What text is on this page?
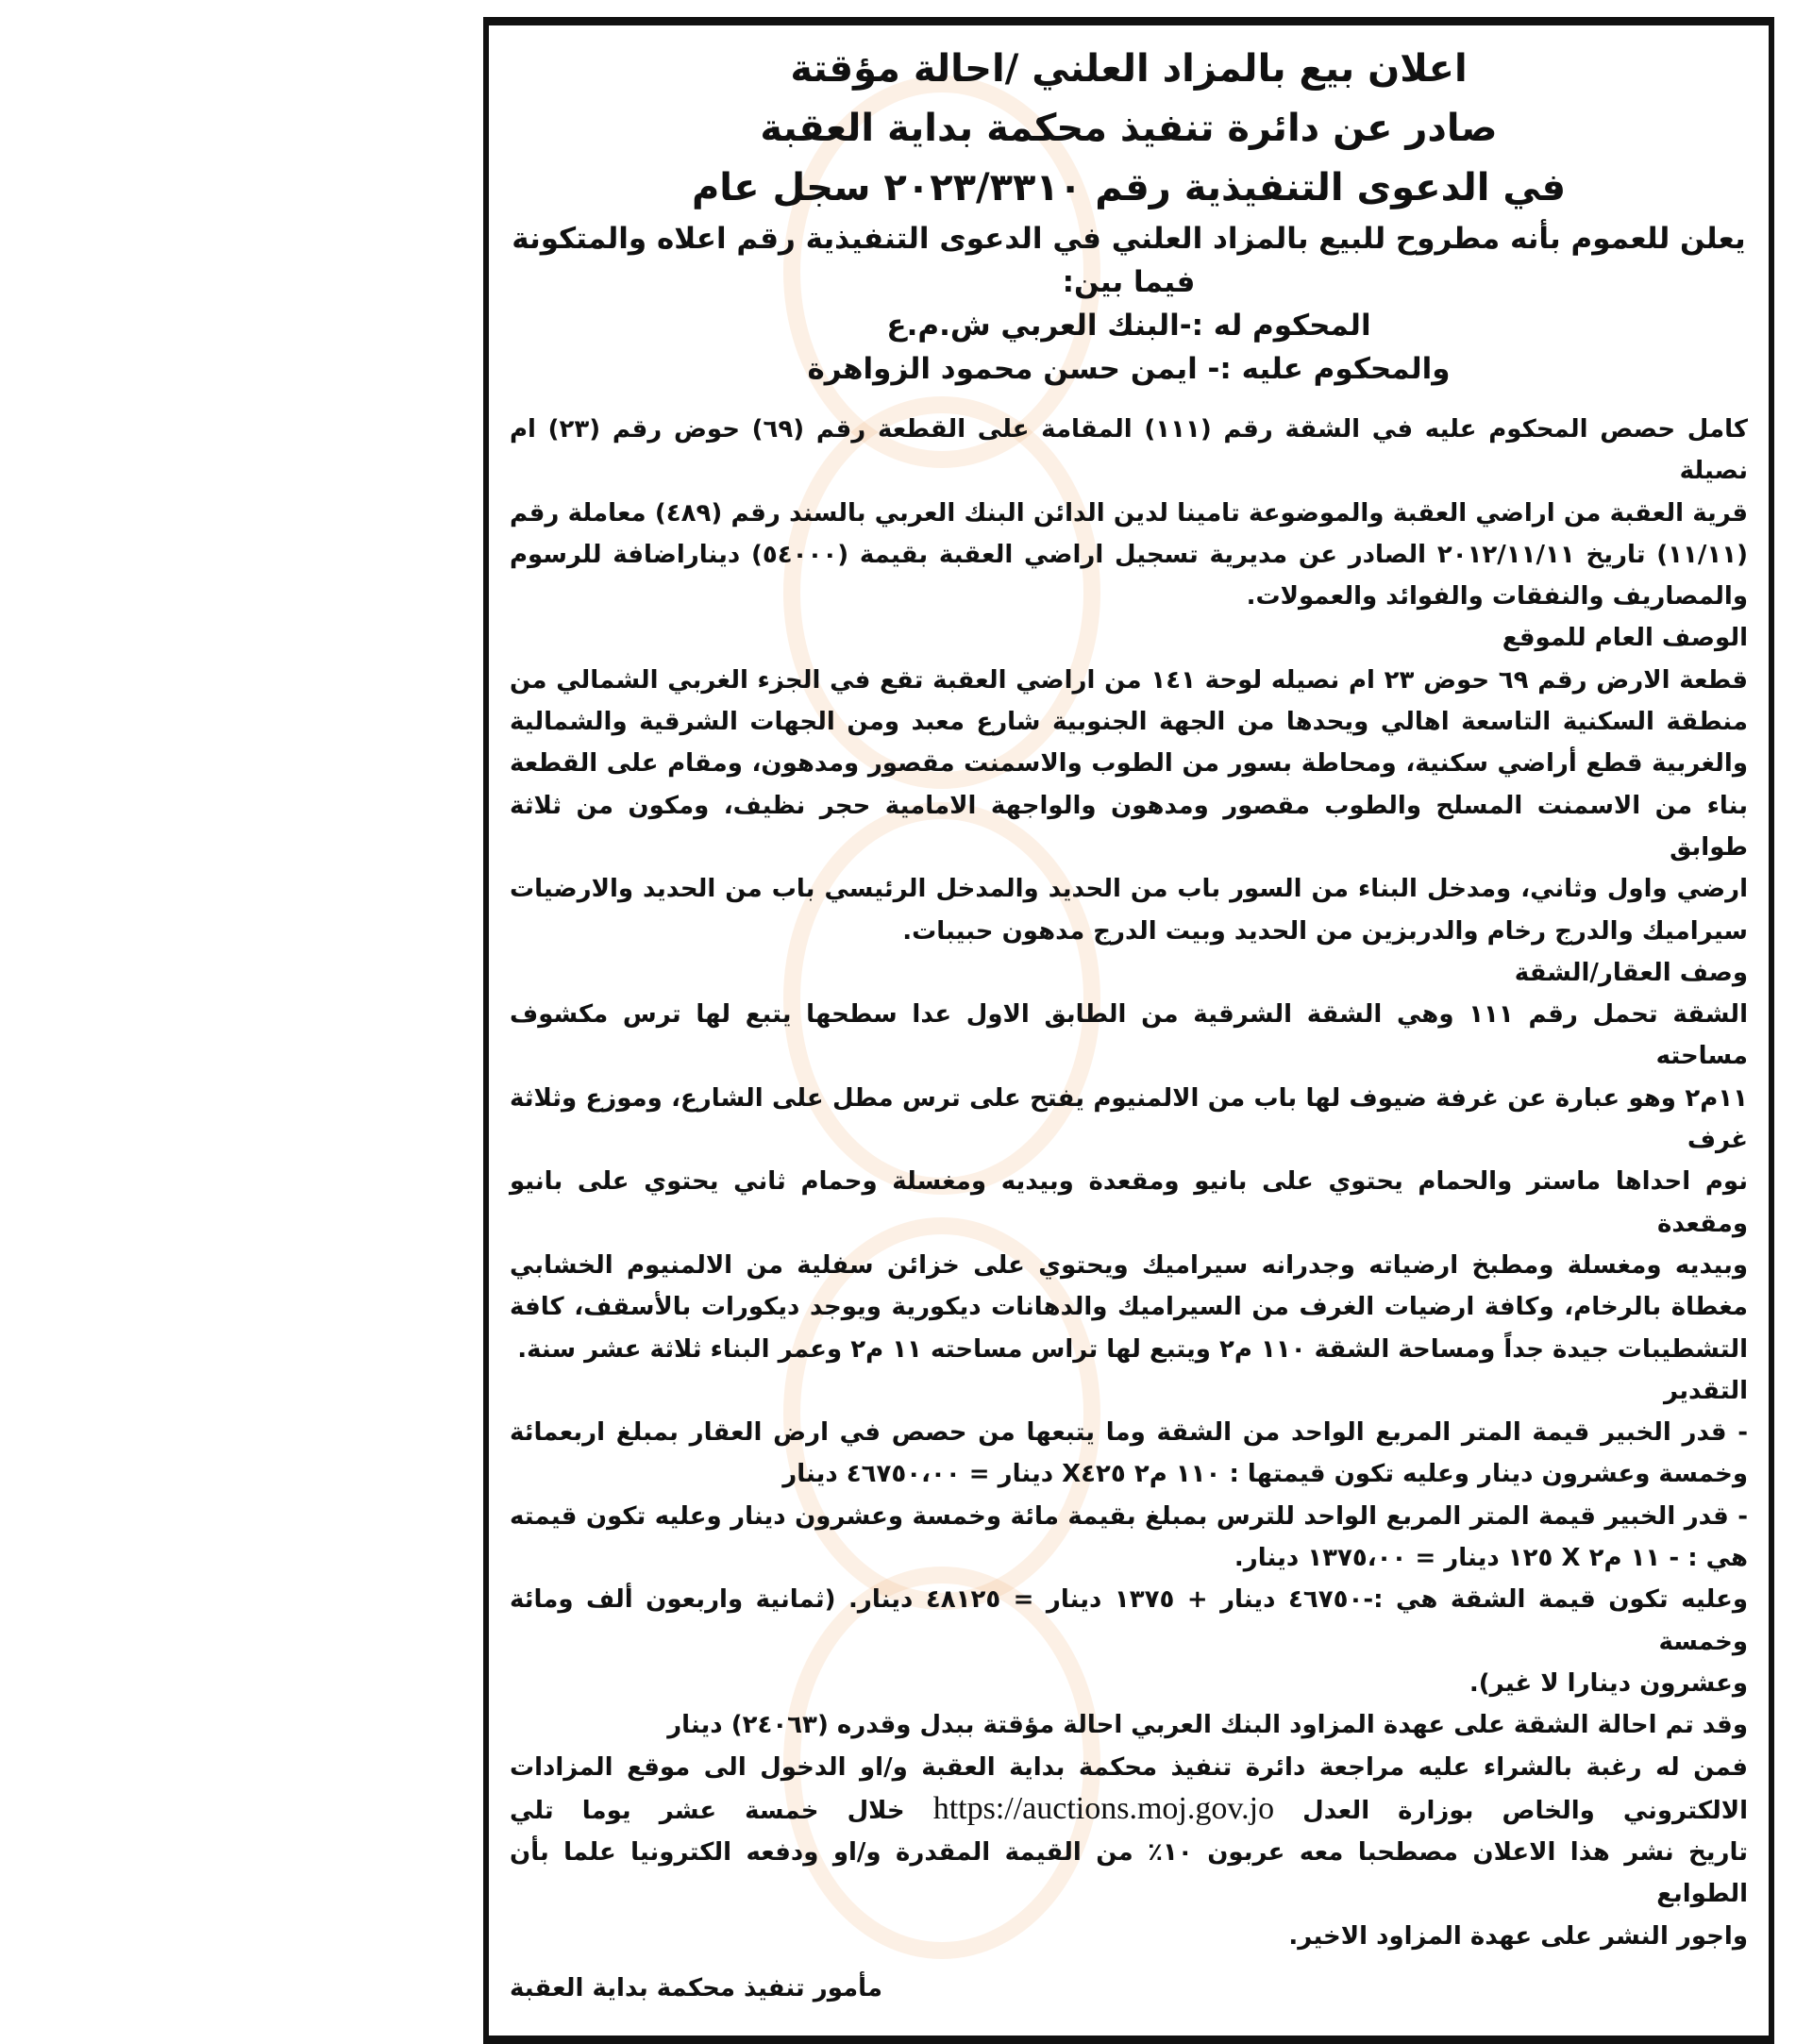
اعلان بيع بالمزاد العلني /احالة مؤقتة
صادر عن دائرة تنفيذ محكمة بداية العقبة
في الدعوى التنفيذية رقم ٢٠٢٣/٣٣١٠ سجل عام
يعلن للعموم بأنه مطروح للبيع بالمزاد العلني في الدعوى التنفيذية رقم اعلاه والمتكونة فيما بين:
المحكوم له :-البنك العربي ش.م.ع
والمحكوم عليه :- ايمن حسن محمود الزواهرة
كامل حصص المحكوم عليه في الشقة رقم (١١١) المقامة على القطعة رقم (٦٩) حوض رقم (٢٣) ام نصيلة
قرية العقبة من اراضي العقبة والموضوعة تامينا لدين الدائن البنك العربي بالسند رقم (٤٨٩) معاملة رقم
(١١/١١) تاريخ ٢٠١٢/١١/١١ الصادر عن مديرية تسجيل اراضي العقبة بقيمة (٥٤٠٠٠) ديناراضافة للرسوم
والمصاريف والنفقات والفوائد والعمولات.
الوصف العام للموقع
قطعة الارض رقم ٦٩ حوض ٢٣ ام نصيله لوحة ١٤١ من اراضي العقبة تقع في الجزء الغربي الشمالي من
منطقة السكنية التاسعة اهالي ويحدها من الجهة الجنوبية شارع معبد ومن الجهات الشرقية والشمالية
والغربية قطع أراضي سكنية، ومحاطة بسور من الطوب والاسمنت مقصور ومدهون، ومقام على القطعة
بناء من الاسمنت المسلح والطوب مقصور ومدهون والواجهة الامامية حجر نظيف، ومكون من ثلاثة طوابق
ارضي واول وثاني، ومدخل البناء من السور باب من الحديد والمدخل الرئيسي باب من الحديد والارضيات
سيراميك والدرج رخام والدربزين من الحديد وبيت الدرج مدهون حبيبات.
وصف العقار/الشقة
الشقة تحمل رقم ١١١ وهي الشقة الشرقية من الطابق الاول عدا سطحها يتبع لها ترس مكشوف مساحته
١١م٢ وهو عبارة عن غرفة ضيوف لها باب من الالمنيوم يفتح على ترس مطل على الشارع، وموزع وثلاثة غرف
نوم احداها ماستر والحمام يحتوي على بانيو ومقعدة وبيديه ومغسلة وحمام ثاني يحتوي على بانيو ومقعدة
وبيديه ومغسلة ومطبخ ارضياته وجدرانه سيراميك ويحتوي على خزائن سفلية من الالمنيوم الخشابي
مغطاة بالرخام، وكافة ارضيات الغرف من السيراميك والدهانات ديكورية ويوجد ديكورات بالأسقف، كافة
التشطيبات جيدة جداً ومساحة الشقة ١١٠ م٢ ويتبع لها تراس مساحته ١١ م٢ وعمر البناء ثلاثة عشر سنة.
التقدير
- قدر الخبير قيمة المتر المربع الواحد من الشقة وما يتبعها من حصص في ارض العقار بمبلغ اربعمائة
وخمسة وعشرون دينار وعليه تكون قيمتها : ١١٠ م٢ X٤٢٥ دينار = ٤٦٧٥٠،٠٠ دينار
- قدر الخبير قيمة المتر المربع الواحد للترس بمبلغ بقيمة مائة وخمسة وعشرون دينار وعليه تكون قيمته
هي : - ١١ م٢ X ١٢٥ دينار = ١٣٧٥،٠٠ دينار.
وعليه تكون قيمة الشقة هي :-٤٦٧٥٠ دينار + ١٣٧٥ دينار = ٤٨١٢٥ دينار. (ثمانية واربعون ألف ومائة وخمسة
وعشرون دينارا لا غير).
وقد تم احالة الشقة على عهدة المزاود البنك العربي احالة مؤقتة ببدل وقدره (٢٤٠٦٣) دينار
فمن له رغبة بالشراء عليه مراجعة دائرة تنفيذ محكمة بداية العقبة و/او الدخول الى موقع المزادات
الالكتروني والخاص بوزارة العدل https://auctions.moj.gov.jo خلال خمسة عشر يوما تلي
تاريخ نشر هذا الاعلان مصطحبا معه عربون ١٠٪ من القيمة المقدرة و/او ودفعه الكترونيا علما بأن الطوابع
واجور النشر على عهدة المزاود الاخير.
مأمور تنفيذ محكمة بداية العقبة
